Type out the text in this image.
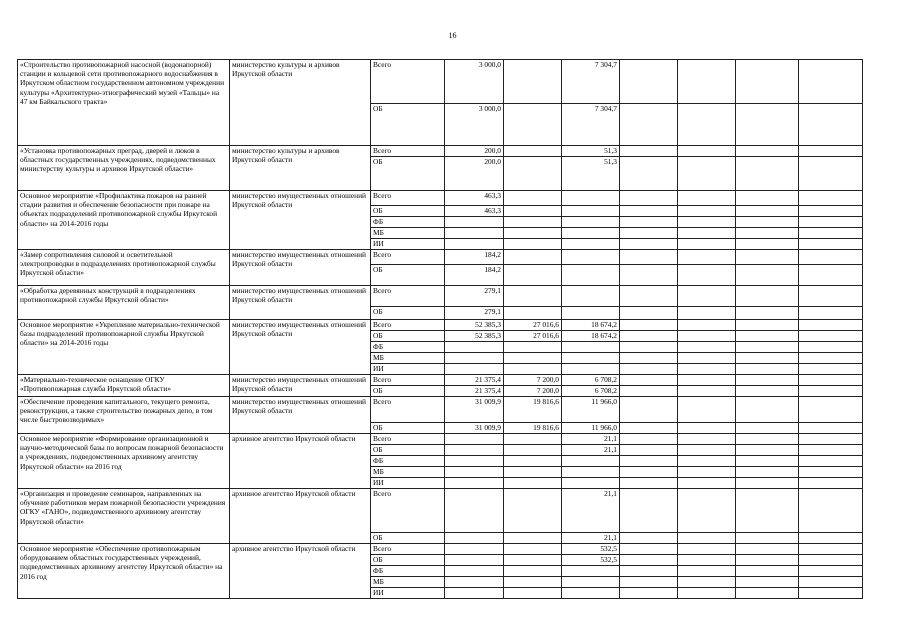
16
«Строительство противопожарной насосной (водонапорной) станции и кольцевой сети противопожарного водоснабжения в Иркутском областном государственном автономном учреждении культуры «Архитектурно-этнографический музей «Тальцы» на 47 км Байкальского тракта»	министерство культуры и архивов Иркутской области	Всего	3 000,0		7 304,7					
		ОБ	3 000,0		7 304,7					
«Установка противопожарных преград, дверей и люков в областных государственных учреждениях, подведомственных министерству культуры и архивов Иркутской области»	министерство культуры и архивов Иркутской области	Всего	200,0		51,3					
		ОБ	200,0		51,3					
Основное мероприятие «Профилактика пожаров на ранней стадии развития и обеспечение безопасности при пожаре на объектах подразделений противопожарной службы Иркутской области» на 2014-2016 годы	министерство имущественных отношений Иркутской области	Всего	463,3							
		ОБ	463,3							
		ФБ								
		МБ								
		ИИ								
«Замер сопротивления силовой и осветительной электропроводки в подразделениях противопожарной службы Иркутской области»	министерство имущественных отношений Иркутской области	Всего	184,2							
		ОБ	184,2							
«Обработка деревянных конструкций в подразделениях противопожарной службы Иркутской области»	министерство имущественных отношений Иркутской области	Всего	279,1							
		ОБ	279,1							
Основное мероприятие «Укрепление материально-технической базы подразделений противопожарной службы Иркутской области» на 2014-2016 годы	министерство имущественных отношений Иркутской области	Всего	52 385,3	27 016,6	18 674,2					
		ОБ	52 385,3	27 016,6	18 674,2					
		ФБ								
		МБ								
		ИИ								
«Материально-техническое оснащение ОГКУ «Противопожарная служба Иркутской области»	министерство имущественных отношений Иркутской области	Всего	21 375,4	7 200,0	6 708,2					
		ОБ	21 375,4	7 200,0	6 708,2					
«Обеспечение проведения капитального, текущего ремонта, реконструкции, а также строительство пожарных депо, в том числе быстровозводимых»	министерство имущественных отношений Иркутской области	Всего	31 009,9	19 816,6	11 966,0					
		ОБ	31 009,9	19 816,6	11 966,0					
Основное мероприятие «Формирование организационной и научно-методической базы по вопросам пожарной безопасности в учреждениях, подведомственных архивному агентству Иркутской области» на 2016 год	архивное агентство Иркутской области	Всего			21,1					
		ОБ			21,1					
		ФБ								
		МБ								
		ИИ								
«Организация и проведение семинаров, направленных на обучение работников мерам пожарной безопасности учреждения ОГКУ «ГАНО», подведомственного архивному агентству Иркутской области»	архивное агентство Иркутской области	Всего			21,1					
		ОБ			21,1					
Основное мероприятие «Обеспечение противопожарным оборудованием областных государственных учреждений, подведомственных архивному агентству Иркутской области» на 2016 год	архивное агентство Иркутской области	Всего			532,5					
		ОБ			532,5					
		ФБ								
		МБ								
		ИИ								
